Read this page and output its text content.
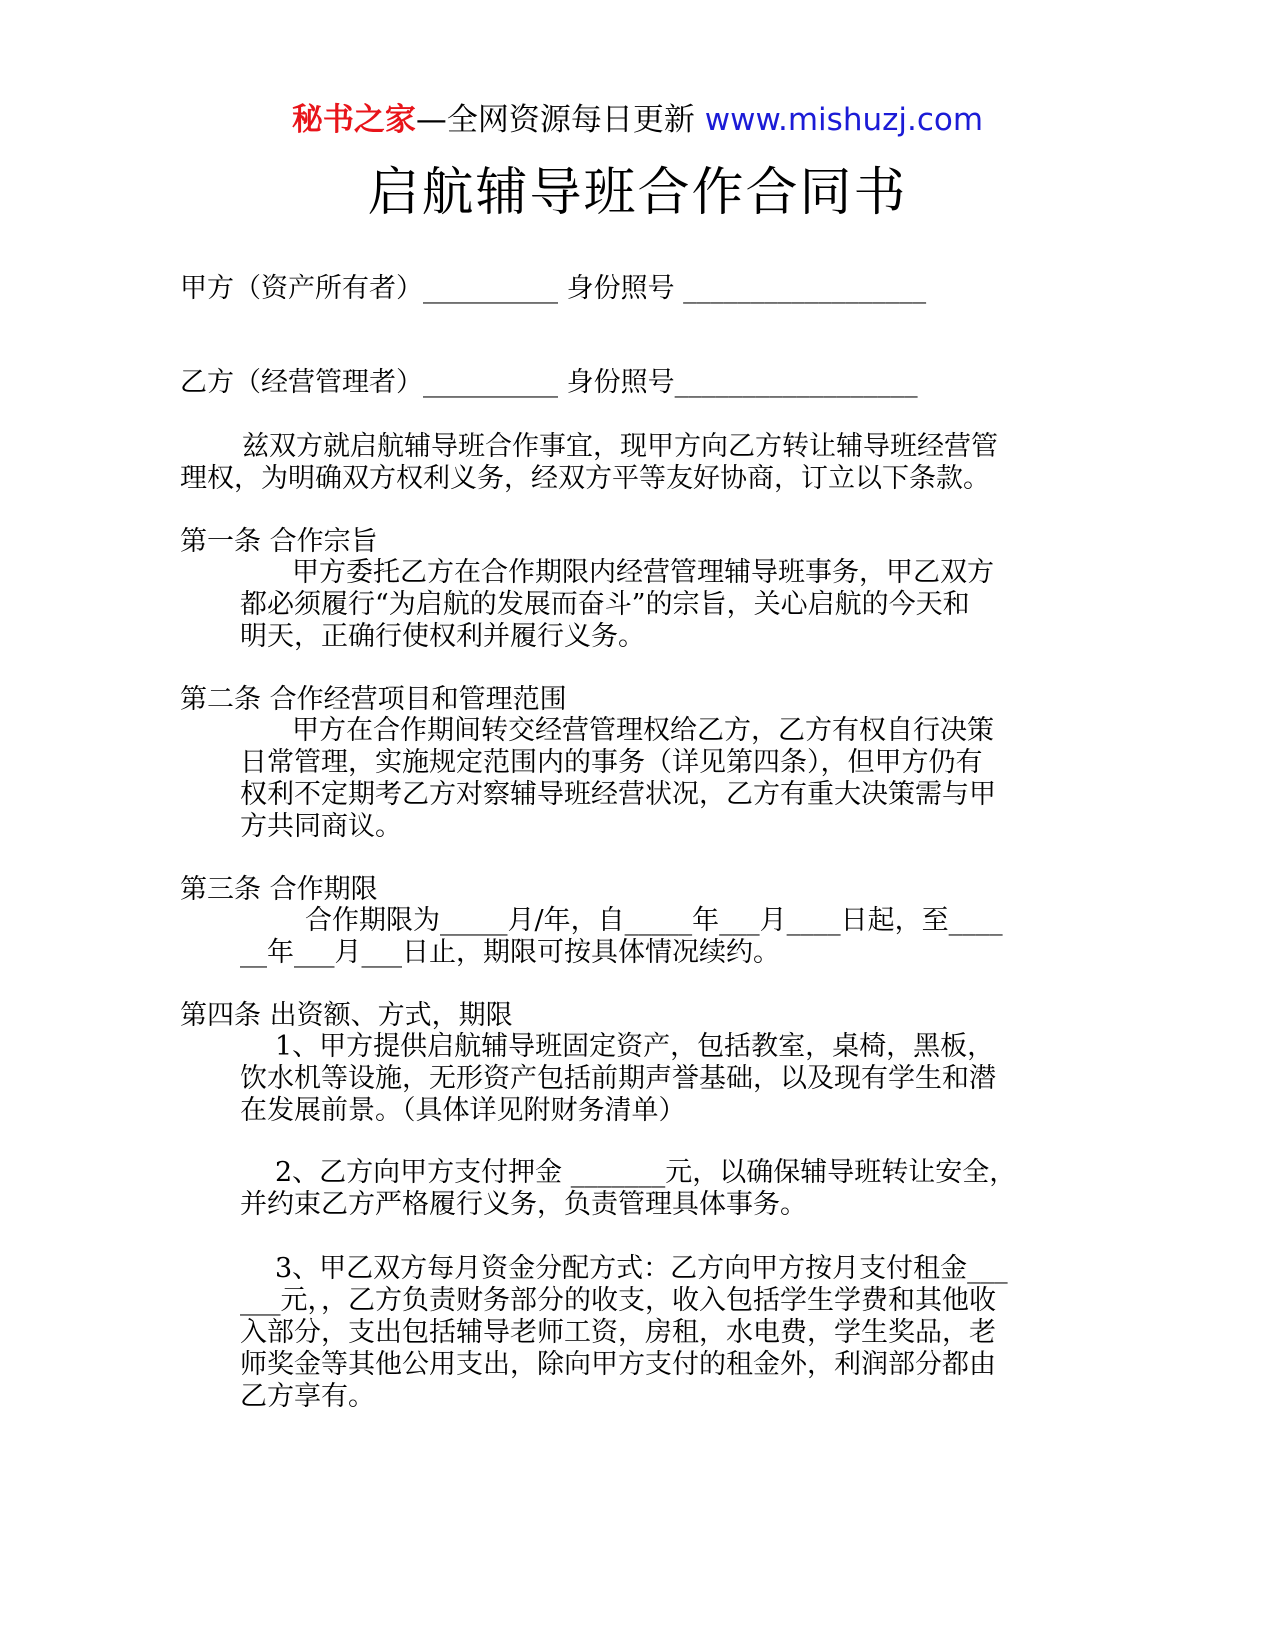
秘书之家—全网资源每日更新 www.mishuzj.com
启航辅导班合作合同书
甲方（资产所有者）__________ 身份照号 __________________
乙方（经营管理者）__________ 身份照号__________________
兹双方就启航辅导班合作事宜，现甲方向乙方转让辅导班经营管
理权，为明确双方权利义务，经双方平等友好协商，订立以下条款。
第一条 合作宗旨
甲方委托乙方在合作期限内经营管理辅导班事务，甲乙双方
都必须履行“为启航的发展而奋斗”的宗旨，关心启航的今天和
明天，正确行使权利并履行义务。
第二条 合作经营项目和管理范围
甲方在合作期间转交经营管理权给乙方，乙方有权自行决策
日常管理，实施规定范围内的事务（详见第四条），但甲方仍有
权利不定期考乙方对察辅导班经营状况，乙方有重大决策需与甲
方共同商议。
第三条 合作期限
合作期限为_____月/年，自_____年___月____日起，至____
__年___月___日止，期限可按具体情况续约。
第四条 出资额、方式，期限
1、甲方提供启航辅导班固定资产，包括教室，桌椅，黑板，
饮水机等设施，无形资产包括前期声誉基础，以及现有学生和潜
在发展前景。（具体详见附财务清单）
2、乙方向甲方支付押金 _______元，以确保辅导班转让安全，
并约束乙方严格履行义务，负责管理具体事务。
3、甲乙双方每月资金分配方式：乙方向甲方按月支付租金___
___元，，乙方负责财务部分的收支，收入包括学生学费和其他收
入部分，支出包括辅导老师工资，房租，水电费，学生奖品，老
师奖金等其他公用支出，除向甲方支付的租金外，利润部分都由
乙方享有。
